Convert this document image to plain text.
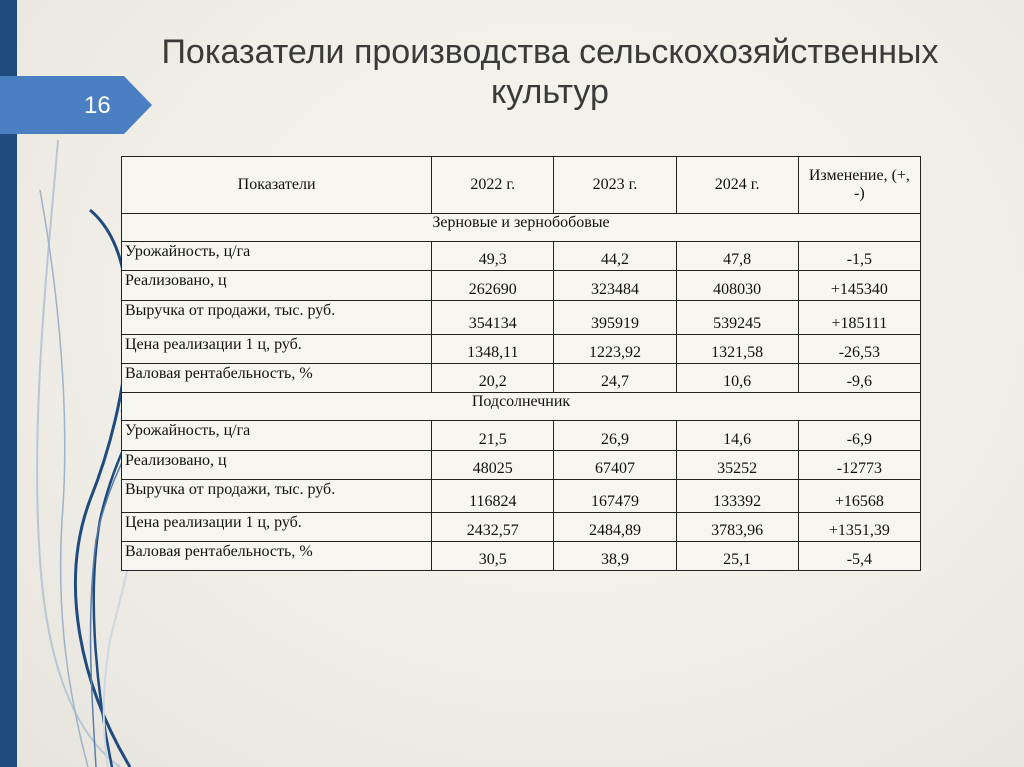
16
Показатели производства сельскохозяйственных культур
Показатели	2022 г.	2023 г.	2024 г.	Изменение, (+, -)
Зерновые и зернобобовые				
Урожайность, ц/га	49,3	44,2	47,8	-1,5
Реализовано, ц	262690	323484	408030	+145340
Выручка от продажи, тыс. руб.	354134	395919	539245	+185111
Цена реализации 1 ц, руб.	1348,11	1223,92	1321,58	-26,53
Валовая рентабельность, %	20,2	24,7	10,6	-9,6
Подсолнечник				
Урожайность, ц/га	21,5	26,9	14,6	-6,9
Реализовано, ц	48025	67407	35252	-12773
Выручка от продажи, тыс. руб.	116824	167479	133392	+16568
Цена реализации 1 ц, руб.	2432,57	2484,89	3783,96	+1351,39
Валовая рентабельность, %	30,5	38,9	25,1	-5,4
